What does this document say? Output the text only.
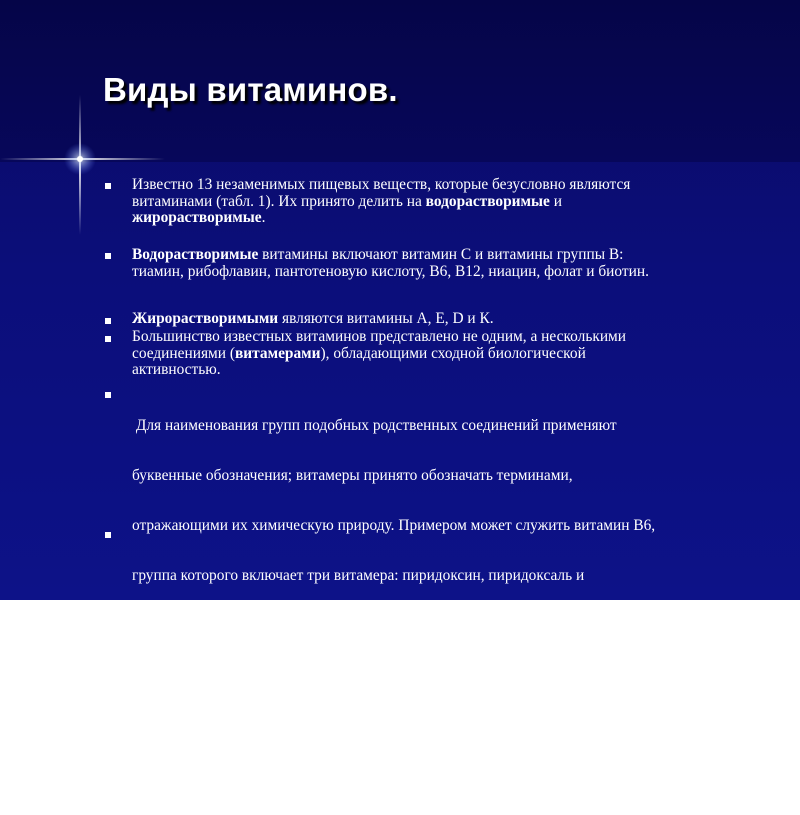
Виды витаминов.
Известно 13 незаменимых пищевых веществ, которые безусловно являются
витаминами (табл. 1). Их принято делить на водорастворимые и
жирорастворимые.
Водорастворимые витамины включают витамин С и витамины группы В:
тиамин, рибофлавин, пантотеновую кислоту, В6, В12, ниацин, фолат и биотин.
Жирорастворимыми являются витамины А, Е, D и К.
Большинство известных витаминов представлено не одним, а несколькими
соединениями (витамерами), обладающими сходной биологической
активностью.

Для наименования групп подобных родственных соединений применяют

буквенные обозначения; витамеры принято обозначать терминами,

отражающими их химическую природу. Примером может служить витамин В6,

группа которого включает три витамера: пиридоксин, пиридоксаль и

пиридоксамин.

Принятая терминология не является общепризнанной, поэтому допускаются

разнообразные обозначения витаминов, за исключением устаревших.
